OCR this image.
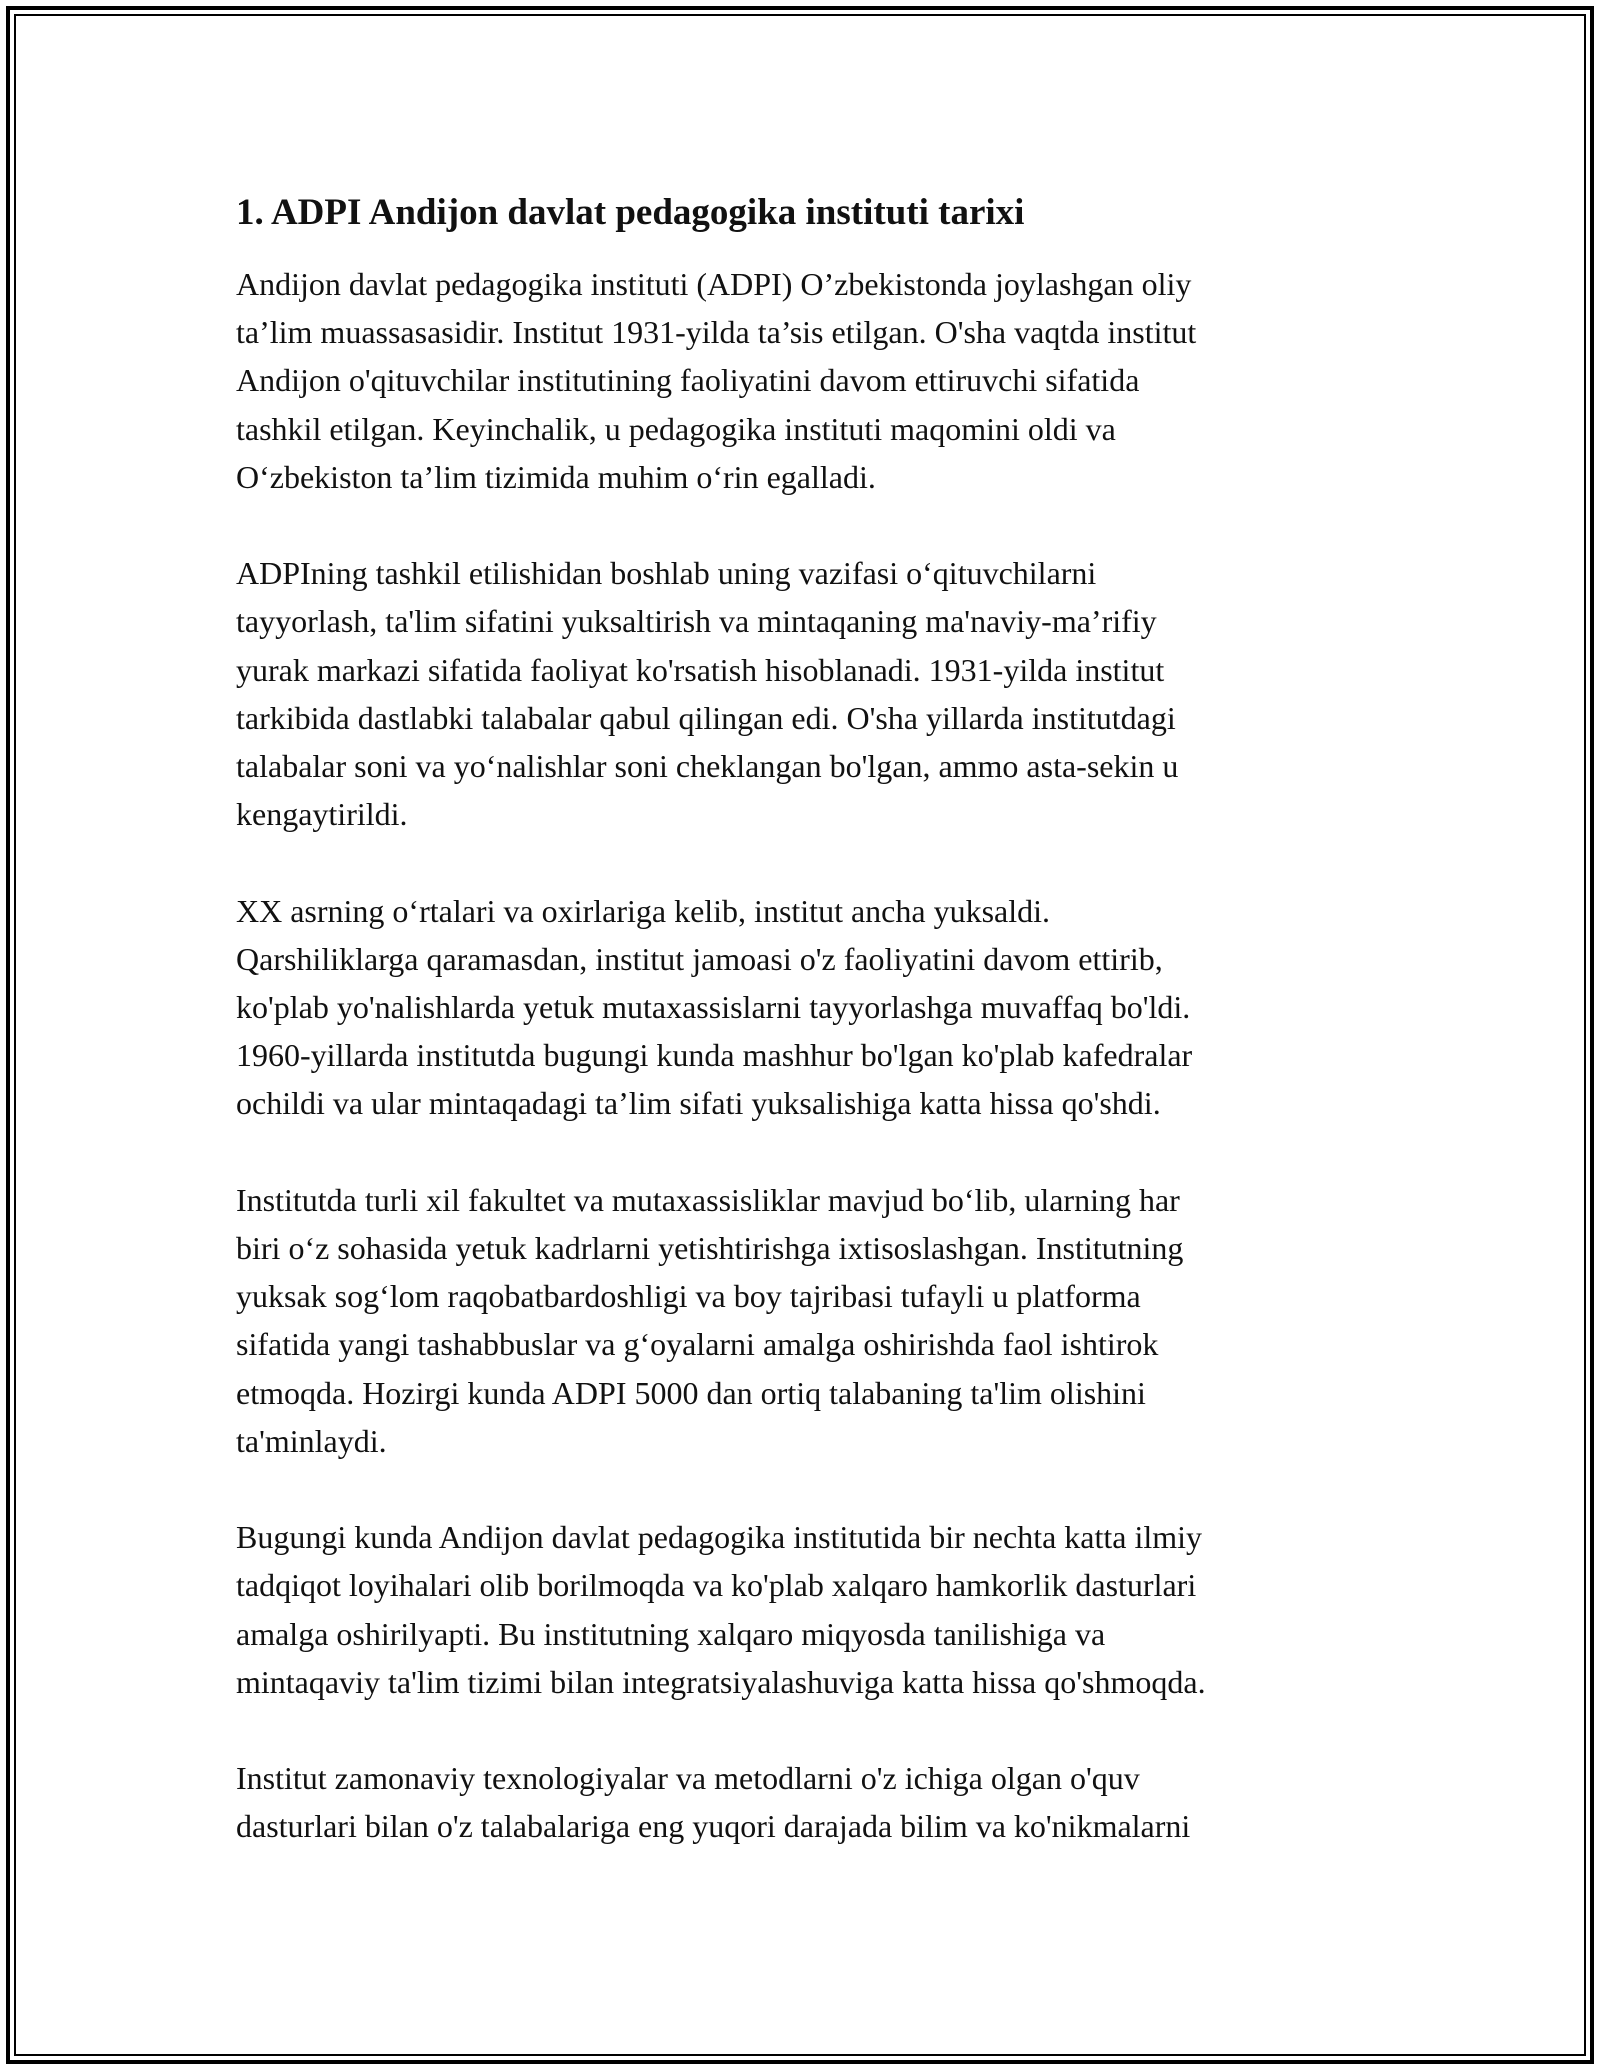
1. ADPI Andijon davlat pedagogika instituti tarixi

Andijon davlat pedagogika instituti (ADPI) O’zbekistonda joylashgan oliy
ta’lim muassasasidir. Institut 1931-yilda ta’sis etilgan. O'sha vaqtda institut
Andijon o'qituvchilar institutining faoliyatini davom ettiruvchi sifatida
tashkil etilgan. Keyinchalik, u pedagogika instituti maqomini oldi va
O‘zbekiston ta’lim tizimida muhim o‘rin egalladi.

ADPIning tashkil etilishidan boshlab uning vazifasi o‘qituvchilarni
tayyorlash, ta'lim sifatini yuksaltirish va mintaqaning ma'naviy-ma’rifiy
yurak markazi sifatida faoliyat ko'rsatish hisoblanadi. 1931-yilda institut
tarkibida dastlabki talabalar qabul qilingan edi. O'sha yillarda institutdagi
talabalar soni va yo‘nalishlar soni cheklangan bo'lgan, ammo asta-sekin u
kengaytirildi.

XX asrning o‘rtalari va oxirlariga kelib, institut ancha yuksaldi.
Qarshiliklarga qaramasdan, institut jamoasi o'z faoliyatini davom ettirib,
ko'plab yo'nalishlarda yetuk mutaxassislarni tayyorlashga muvaffaq bo'ldi.
1960-yillarda institutda bugungi kunda mashhur bo'lgan ko'plab kafedralar
ochildi va ular mintaqadagi ta’lim sifati yuksalishiga katta hissa qo'shdi.

Institutda turli xil fakultet va mutaxassisliklar mavjud bo‘lib, ularning har
biri o‘z sohasida yetuk kadrlarni yetishtirishga ixtisoslashgan. Institutning
yuksak sog‘lom raqobatbardoshligi va boy tajribasi tufayli u platforma
sifatida yangi tashabbuslar va g‘oyalarni amalga oshirishda faol ishtirok
etmoqda. Hozirgi kunda ADPI 5000 dan ortiq talabaning ta'lim olishini
ta'minlaydi.

Bugungi kunda Andijon davlat pedagogika institutida bir nechta katta ilmiy
tadqiqot loyihalari olib borilmoqda va ko'plab xalqaro hamkorlik dasturlari
amalga oshirilyapti. Bu institutning xalqaro miqyosda tanilishiga va
mintaqaviy ta'lim tizimi bilan integratsiyalashuviga katta hissa qo'shmoqda.

Institut zamonaviy texnologiyalar va metodlarni o'z ichiga olgan o'quv
dasturlari bilan o'z talabalariga eng yuqori darajada bilim va ko'nikmalarni
